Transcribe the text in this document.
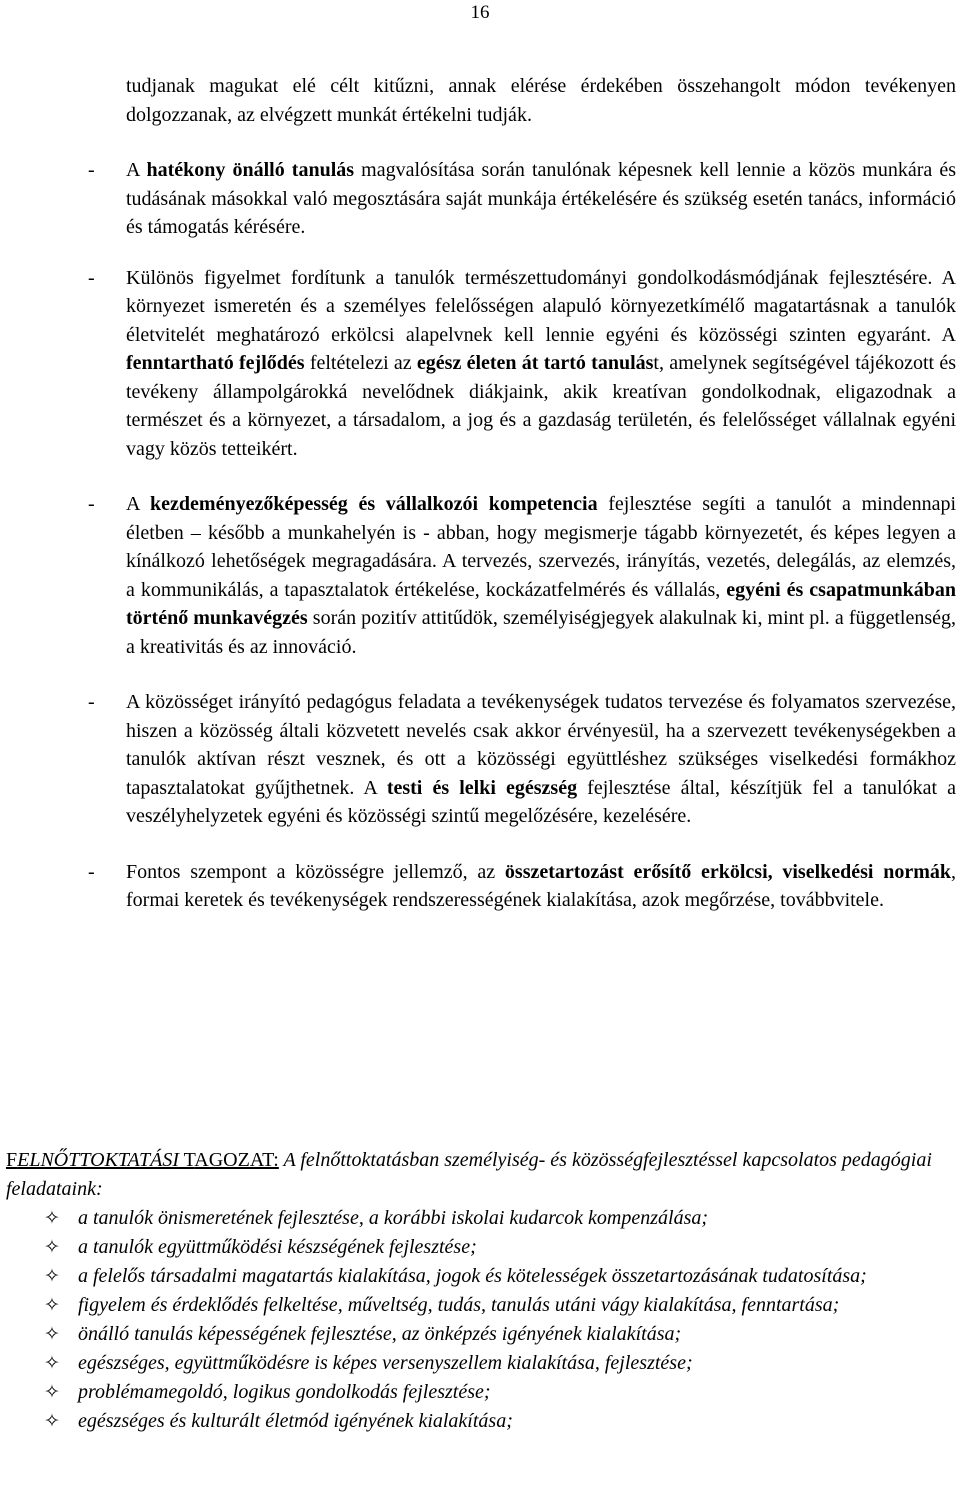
16

tudjanak magukat elé célt kitűzni, annak elérése érdekében összehangolt módon tevékenyen dolgozzanak, az elvégzett munkát értékelni tudják.

- A hatékony önálló tanulás magvalósítása során tanulónak képesnek kell lennie a közös munkára és tudásának másokkal való megosztására saját munkája értékelésére és szükség esetén tanács, információ és támogatás kérésére.
- Különös figyelmet fordítunk a tanulók természettudományi gondolkodásmódjának fejlesztésére. A környezet ismeretén és a személyes felelősségen alapuló környezetkímélő magatartásnak a tanulók életvitelét meghatározó erkölcsi alapelvnek kell lennie egyéni és közösségi szinten egyaránt. A fenntartható fejlődés feltételezi az egész életen át tartó tanulást, amelynek segítségével tájékozott és tevékeny állampolgárokká nevelődnek diákjaink, akik kreatívan gondolkodnak, eligazodnak a természet és a környezet, a társadalom, a jog és a gazdaság területén, és felelősséget vállalnak egyéni vagy közös tetteikért.
- A kezdeményezőképesség és vállalkozói kompetencia fejlesztése segíti a tanulót a mindennapi életben – később a munkahelyén is - abban, hogy megismerje tágabb környezetét, és képes legyen a kínálkozó lehetőségek megragadására. A tervezés, szervezés, irányítás, vezetés, delegálás, az elemzés, a kommunikálás, a tapasztalatok értékelése, kockázatfelmérés és vállalás, egyéni és csapatmunkában történő munkavégzés során pozitív attitűdök, személyiségjegyek alakulnak ki, mint pl. a függetlenség, a kreativitás és az innováció.
- A közösséget irányító pedagógus feladata a tevékenységek tudatos tervezése és folyamatos szervezése, hiszen a közösség általi közvetett nevelés csak akkor érvényesül, ha a szervezett tevékenységekben a tanulók aktívan részt vesznek, és ott a közösségi együttléshez szükséges viselkedési formákhoz tapasztalatokat gyűjthetnek. A testi és lelki egészség fejlesztése által, készítjük fel a tanulókat a veszélyhelyzetek egyéni és közösségi szintű megelőzésére, kezelésére.
- Fontos szempont a közösségre jellemző, az összetartozást erősítő erkölcsi, viselkedési normák, formai keretek és tevékenységek rendszerességének kialakítása, azok megőrzése, továbbvitele.
FELNŐTTOKTATÁSI TAGOZAT: A felnőttoktatásban személyiség- és közösségfejlesztéssel kapcsolatos pedagógiai feladataink:
✧ a tanulók önismeretének fejlesztése, a korábbi iskolai kudarcok kompenzálása;
✧ a tanulók együttműködési készségének fejlesztése;
✧ a felelős társadalmi magatartás kialakítása, jogok és kötelességek összetartozásának tudatosítása;
✧ figyelem és érdeklődés felkeltése, műveltség, tudás, tanulás utáni vágy kialakítása, fenntartása;
✧ önálló tanulás képességének fejlesztése, az önképzés igényének kialakítása;
✧ egészséges, együttműködésre is képes versenyszellem kialakítása, fejlesztése;
✧ problémamegoldó, logikus gondolkodás fejlesztése;
✧ egészséges és kulturált életmód igényének kialakítása;
